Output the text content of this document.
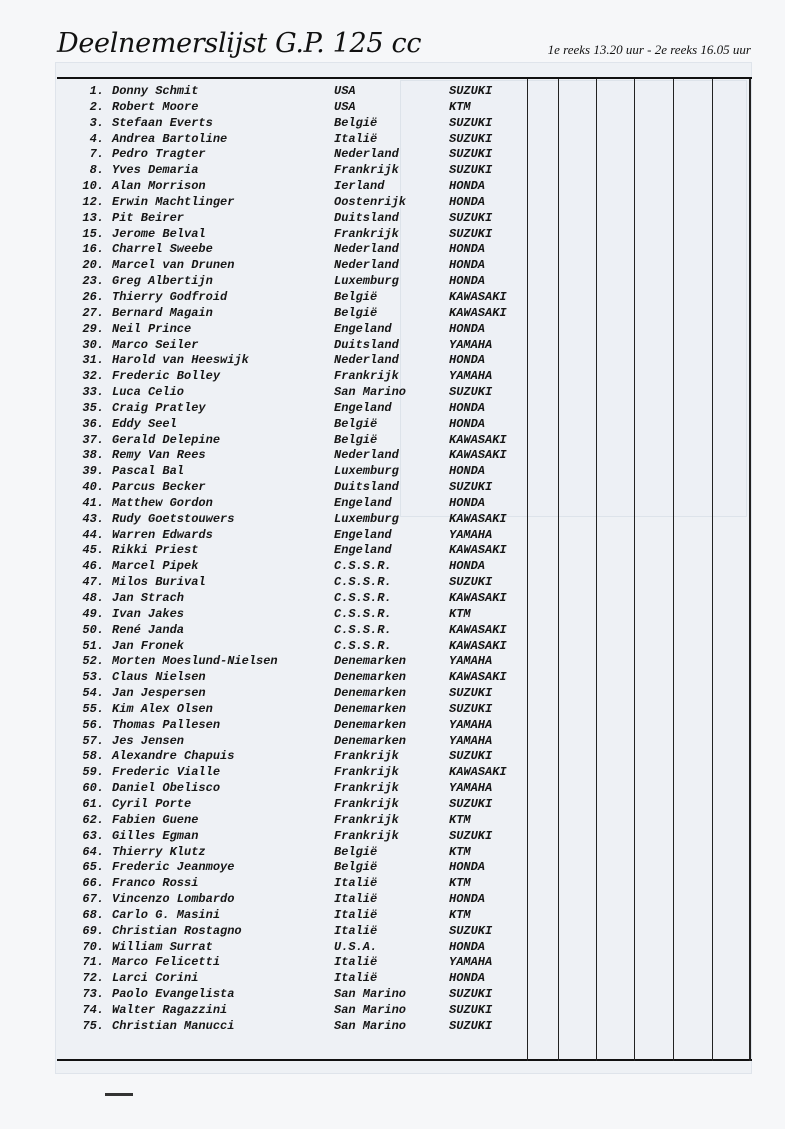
Deelnemerslijst G.P. 125 cc	1e reeks 13.20 uur - 2e reeks 16.05 uur
1. Donny Schmit	USA	SUZUKI
2. Robert Moore	USA	KTM
3. Stefaan Everts	België	SUZUKI
4. Andrea Bartoline	Italië	SUZUKI
7. Pedro Tragter	Nederland	SUZUKI
8. Yves Demaria	Frankrijk	SUZUKI
10. Alan Morrison	Ierland	HONDA
12. Erwin Machtlinger	Oostenrijk	HONDA
13. Pit Beirer	Duitsland	SUZUKI
15. Jerome Belval	Frankrijk	SUZUKI
16. Charrel Sweebe	Nederland	HONDA
20. Marcel van Drunen	Nederland	HONDA
23. Greg Albertijn	Luxemburg	HONDA
26. Thierry Godfroid	België	KAWASAKI
27. Bernard Magain	België	KAWASAKI
29. Neil Prince	Engeland	HONDA
30. Marco Seiler	Duitsland	YAMAHA
31. Harold van Heeswijk	Nederland	HONDA
32. Frederic Bolley	Frankrijk	YAMAHA
33. Luca Celio	San Marino	SUZUKI
35. Craig Pratley	Engeland	HONDA
36. Eddy Seel	België	HONDA
37. Gerald Delepine	België	KAWASAKI
38. Remy Van Rees	Nederland	KAWASAKI
39. Pascal Bal	Luxemburg	HONDA
40. Parcus Becker	Duitsland	SUZUKI
41. Matthew Gordon	Engeland	HONDA
43. Rudy Goetstouwers	Luxemburg	KAWASAKI
44. Warren Edwards	Engeland	YAMAHA
45. Rikki Priest	Engeland	KAWASAKI
46. Marcel Pipek	C.S.S.R.	HONDA
47. Milos Burival	C.S.S.R.	SUZUKI
48. Jan Strach	C.S.S.R.	KAWASAKI
49. Ivan Jakes	C.S.S.R.	KTM
50. René Janda	C.S.S.R.	KAWASAKI
51. Jan Fronek	C.S.S.R.	KAWASAKI
52. Morten Moeslund-Nielsen	Denemarken	YAMAHA
53. Claus Nielsen	Denemarken	KAWASAKI
54. Jan Jespersen	Denemarken	SUZUKI
55. Kim Alex Olsen	Denemarken	SUZUKI
56. Thomas Pallesen	Denemarken	YAMAHA
57. Jes Jensen	Denemarken	YAMAHA
58. Alexandre Chapuis	Frankrijk	SUZUKI
59. Frederic Vialle	Frankrijk	KAWASAKI
60. Daniel Obelisco	Frankrijk	YAMAHA
61. Cyril Porte	Frankrijk	SUZUKI
62. Fabien Guene	Frankrijk	KTM
63. Gilles Egman	Frankrijk	SUZUKI
64. Thierry Klutz	België	KTM
65. Frederic Jeanmoye	België	HONDA
66. Franco Rossi	Italië	KTM
67. Vincenzo Lombardo	Italië	HONDA
68. Carlo G. Masini	Italië	KTM
69. Christian Rostagno	Italië	SUZUKI
70. William Surrat	U.S.A.	HONDA
71. Marco Felicetti	Italië	YAMAHA
72. Larci Corini	Italië	HONDA
73. Paolo Evangelista	San Marino	SUZUKI
74. Walter Ragazzini	San Marino	SUZUKI
75. Christian Manucci	San Marino	SUZUKI
